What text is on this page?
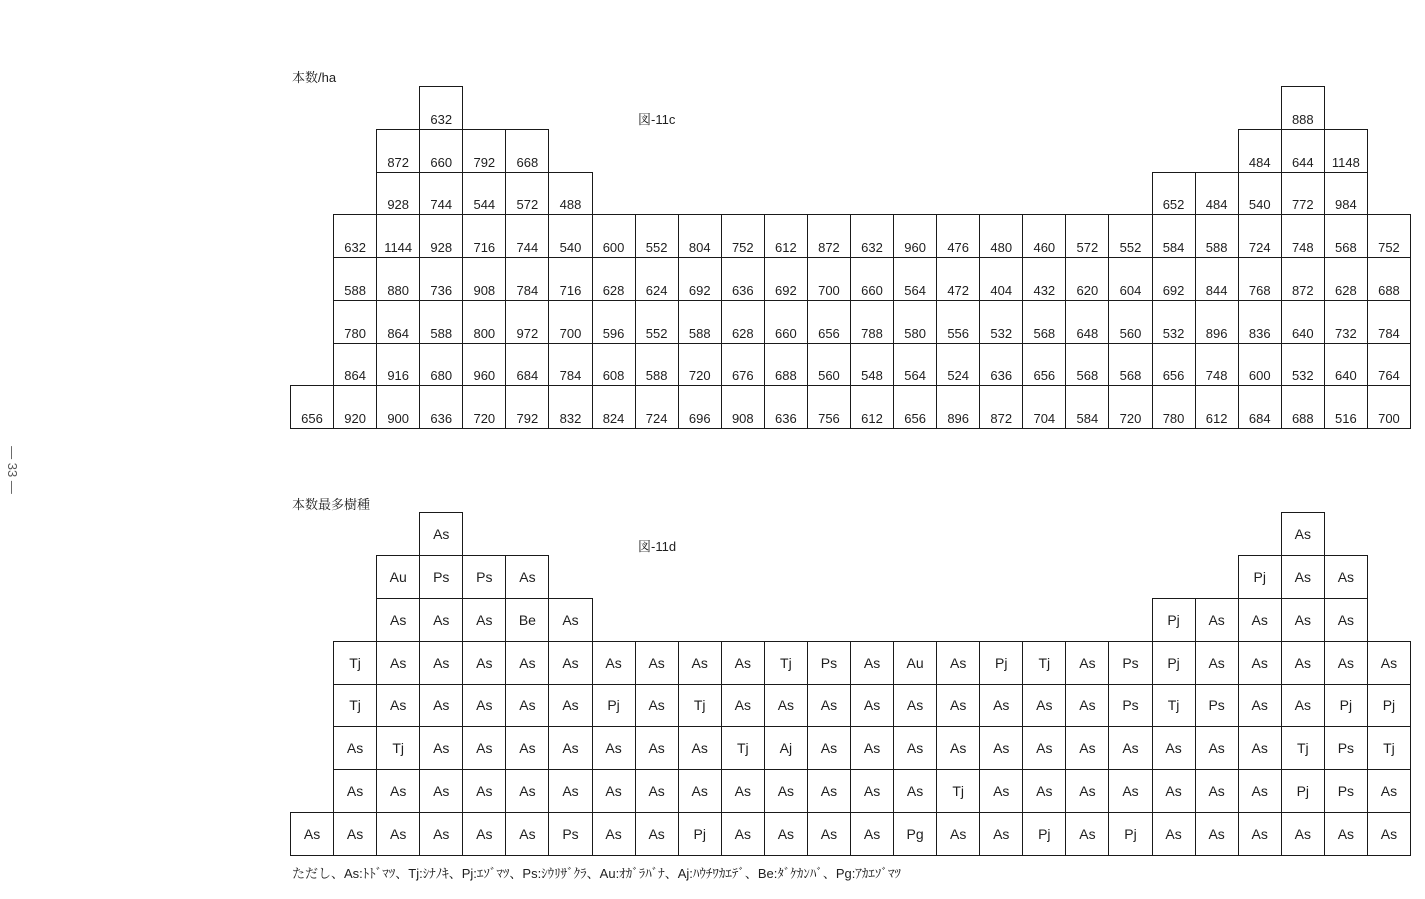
— 33 —
本数/ha
図-11c
656
632
588
780
864
920
872
928
1144
880
864
916
900
632
660
744
928
736
588
680
636
792
544
716
908
800
960
720
668
572
744
784
972
684
792
488
540
716
700
784
832
600
628
596
608
824
552
624
552
588
724
804
692
588
720
696
752
636
628
676
908
612
692
660
688
636
872
700
656
560
756
632
660
788
548
612
960
564
580
564
656
476
472
556
524
896
480
404
532
636
872
460
432
568
656
704
572
620
648
568
584
552
604
560
568
720
652
584
692
532
656
780
484
588
844
896
748
612
484
540
724
768
836
600
684
888
644
772
748
872
640
532
688
1148
984
568
628
732
640
516
752
688
784
764
700
本数最多樹種
図-11d
As
Tj
Tj
As
As
As
Au
As
As
As
Tj
As
As
As
Ps
As
As
As
As
As
As
Ps
As
As
As
As
As
As
As
Be
As
As
As
As
As
As
As
As
As
As
Ps
As
Pj
As
As
As
As
As
As
As
As
As
Tj
As
As
Pj
As
As
Tj
As
As
Tj
As
Aj
As
As
Ps
As
As
As
As
As
As
As
As
As
Au
As
As
As
Pg
As
As
As
Tj
As
Pj
As
As
As
As
Tj
As
As
As
Pj
As
As
As
As
As
Ps
Ps
As
As
Pj
Pj
Pj
Tj
As
As
As
As
As
Ps
As
As
As
Pj
As
As
As
As
As
As
As
As
As
As
As
Tj
Pj
As
As
As
As
Pj
Ps
Ps
As
As
Pj
Tj
As
As
ただし、As:ﾄﾄﾞﾏﾂ、Tj:ｼﾅﾉｷ、Pj:ｴｿﾞﾏﾂ、Ps:ｼｳﾘｻﾞｸﾗ、Au:ｵｶﾞﾗﾊﾞﾅ、Aj:ﾊｳﾁﾜｶｴﾃﾞ、Be:ﾀﾞｹｶﾝﾊﾞ、Pg:ｱｶｴｿﾞﾏﾂ
